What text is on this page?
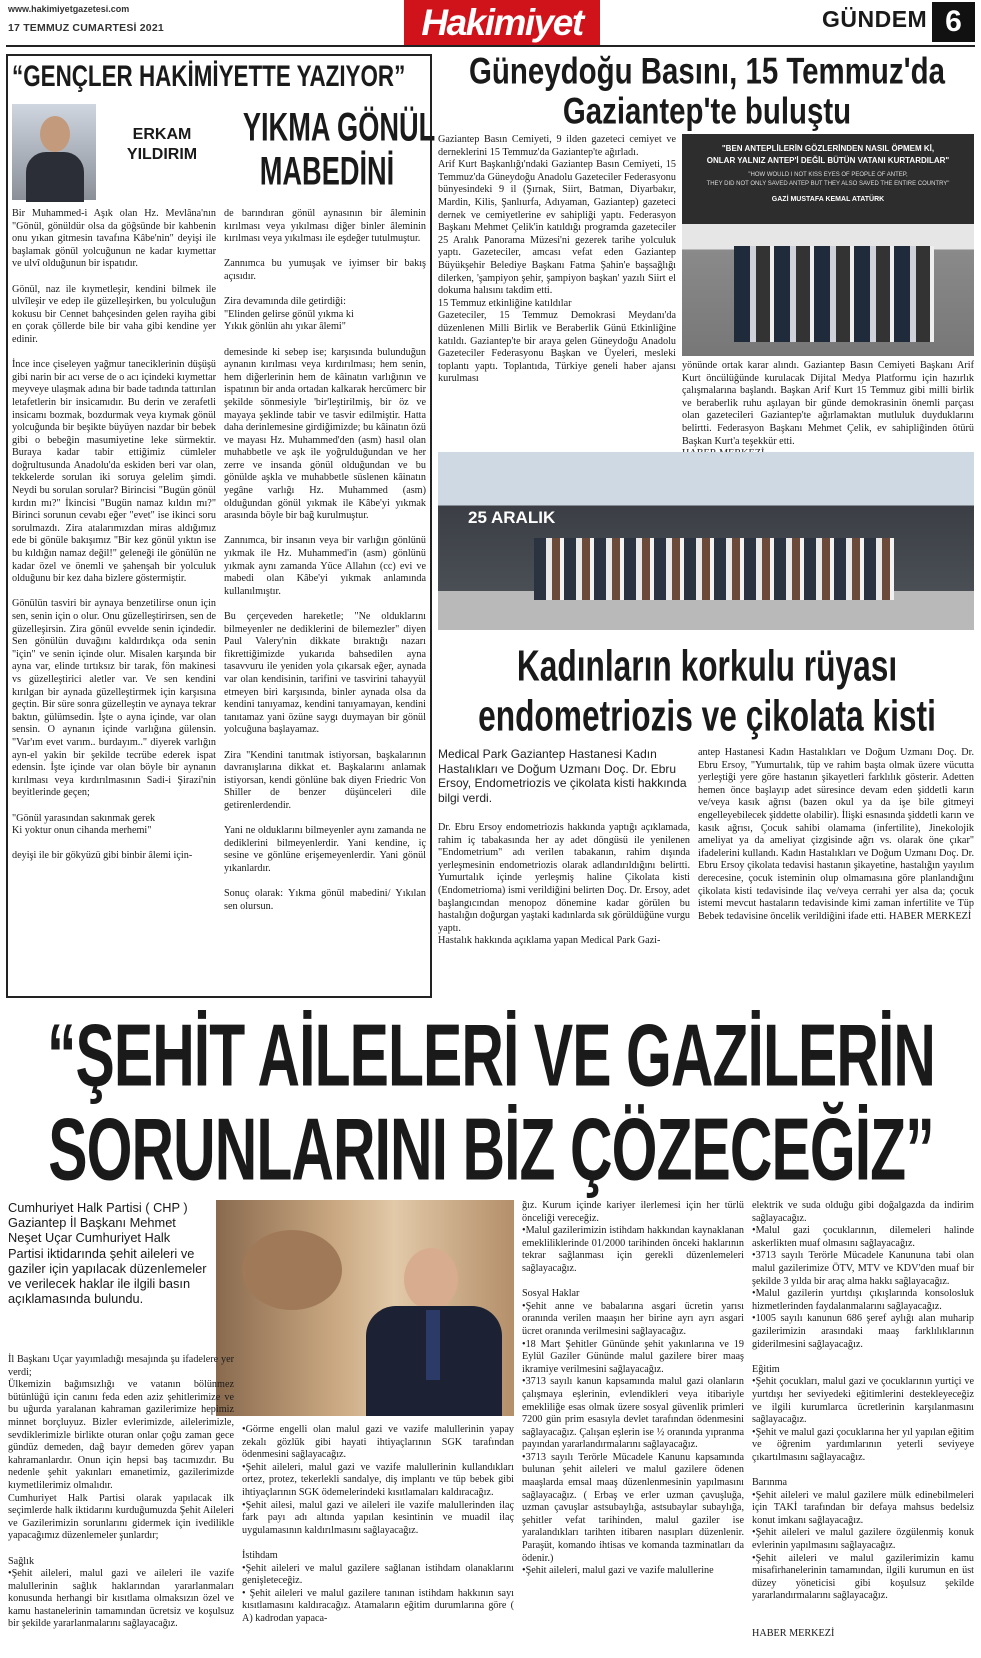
www.hakimiyetgazetesi.com
17 TEMMUZ CUMARTESİ 2021	Hakimiyet	GÜNDEM 6
“GENÇLER HAKİMİYETTE YAZIYOR”
ERKAM
YILDIRIM
YIKMA GÖNÜL
MABEDİNİ
Bir Muhammed-i Aşık olan Hz. Mevlâna'nın "Gönül, gönüldür olsa da göğsünde bir kahbenin onu yıkan gitmesin tavafına Kâbe'nin" deyişi ile başlamak gönül yolcuğunun ne kadar kıymettar ve ulvî olduğunun bir ispatıdır.

Gönül, naz ile kıymetleşir, kendini bilmek ile ulvîleşir ve edep ile güzelleşirken, bu yolculuğun kokusu bir Cennet bahçesinden gelen rayiha gibi en çorak çöllerde bile bir vaha gibi kendine yer edinir.

İnce ince çiseleyen yağmur taneciklerinin düşüşü gibi narin bir acı verse de o acı içindeki kıymettar meyveye ulaşmak adına bir bade tadında tattırılan letafetlerin bir insicamıdır. Bu derin ve zerafetli insicamı bozmak, bozdurmak veya kıymak gönül yolcuğunda bir beşikte büyüyen nazdar bir bebek gibi o bebeğin masumiyetine leke sürmektir. Buraya kadar tabir ettiğimiz cümleler doğrultusunda Anadolu'da eskiden beri var olan, tekkelerde sorulan iki soruya gelelim şimdi. Neydi bu sorulan sorular? Birincisi "Bugün gönül kırdın mı?" İkincisi "Bugün namaz kıldın mı?" Birinci sorunun cevabı eğer "evet" ise ikinci soru sorulmazdı. Zira atalarımızdan miras aldığımız ede bi gönüle bakışımız "Bir kez gönül yıktın ise bu kıldığın namaz değil!" geleneği ile gönülün ne kadar özel ve önemli ve şahenşah bir yolculuk olduğunu bir kez daha bizlere göstermiştir.

Gönülün tasviri bir aynaya benzetilirse onun için sen, senin için o olur. Onu güzelleştirirsen, sen de güzelleşirsin. Zira gönül evvelde senin içindedir. Sen gönülün duvağını kaldırdıkça oda senin "için" ve senin içinde olur. Misalen karşında bir ayna var, elinde tırtıksız bir tarak, fön makinesi vs güzelleştirici aletler var. Ve sen kendini kırılgan bir aynada güzelleştirmek için karşısına geçtin. Bir süre sonra güzelleştin ve aynaya tekrar baktın, gülümsedin. İşte o ayna içinde, var olan sensin. O aynanın içinde varlığına gülensin. "Var'ım evet varım.. burdayım.." diyerek varlığın ayn-el yakin bir şekilde tecrübe ederek ispat edensin. İşte içinde var olan böyle bir aynanın kırılması veya kırdırılmasının Sadi-i Şirazi'nin beyitlerinde geçen;

"Gönül yarasından sakınmak gerek
Ki yoktur onun cihanda merhemi"

deyişi ile bir gökyüzü gibi binbir âlemi için-
de barındıran gönül aynasının bir âleminin kırılması veya yıkılması diğer binler âleminin kırılması veya yıkılması ile eşdeğer tutulmuştur.

Zannımca bu yumuşak ve iyimser bir bakış açısıdır.

Zira devamında dile getirdiği:
"Elinden gelirse gönül yıkma ki
Yıkık gönlün ahı yıkar âlemi"

demesinde ki sebep ise; karşısında bulunduğun aynanın kırılması veya kırdırılması; hem senin, hem diğerlerinin hem de kâinatın varlığının ve ispatının bir anda ortadan kalkarak hercümerc bir şekilde sönmesiyle 'bir'leştirilmiş, bir öz ve mayaya şeklinde tabir ve tasvir edilmiştir. Hatta daha derinlemesine girdiğimizde; bu kâinatın özü ve mayası Hz. Muhammed'den (asm) hasıl olan muhabbetle ve aşk ile yoğrulduğundan ve her zerre ve insanda gönül olduğundan ve bu gönülde aşkla ve muhabbetle süslenen kâinatın yegâne varlığı Hz. Muhammed (asm) olduğundan gönül yıkmak ile Kâbe'yi yıkmak arasında böyle bir bağ kurulmuştur.

Zannımca, bir insanın veya bir varlığın gönlünü yıkmak ile Hz. Muhammed'in (asm) gönlünü yıkmak aynı zamanda Yüce Allahın (cc) evi ve mabedi olan Kâbe'yi yıkmak anlamında kullanılmıştır.

Bu çerçeveden hareketle; "Ne olduklarını bilmeyenler ne dediklerini de bilemezler" diyen Paul Valery'nin dikkate bıraktığı nazarı fikrettiğimizde yukarıda bahsedilen ayna tasavvuru ile yeniden yola çıkarsak eğer, aynada var olan kendisinin, tarifini ve tasvirini tahayyül etmeyen biri karşısında, binler aynada olsa da kendini tanıyamaz, kendini tanıyamayan, kendini tanıtamaz yani özüne saygı duymayan bir gönül yolcuğuna başlayamaz.

Zira "Kendini tanıtmak istiyorsan, başkalarının davranışlarına dikkat et. Başkalarını anlamak istiyorsan, kendi gönlüne bak diyen Friedric Von Shiller de benzer düşünceleri dile getirenlerdendir.

Yani ne olduklarını bilmeyenler aynı zamanda ne dediklerini bilmeyenlerdir. Yani kendine, iç sesine ve gönlüne erişemeyenlerdir. Yani gönül yıkanlardır.

Sonuç olarak: Yıkma gönül mabedini/ Yıkılan sen olursun.
Güneydoğu Basını, 15 Temmuz'da
Gaziantep'te buluştu
Gaziantep Basın Cemiyeti, 9 ilden gazeteci cemiyet ve derneklerini 15 Temmuz'da Gaziantep'te ağırladı.
Arif Kurt Başkanlığı'ndaki Gaziantep Basın Cemiyeti, 15 Temmuz'da Güneydoğu Anadolu Gazeteciler Federasyonu bünyesindeki 9 il (Şırnak, Siirt, Batman, Diyarbakır, Mardin, Kilis, Şanlıurfa, Adıyaman, Gaziantep) gazeteci dernek ve cemiyetlerine ev sahipliği yaptı. Federasyon Başkanı Mehmet Çelik'in katıldığı programda gazeteciler 25 Aralık Panorama Müzesi'ni gezerek tarihe yolculuk yaptı. Gazeteciler, amcası vefat eden Gaziantep Büyükşehir Belediye Başkanı Fatma Şahin'e başsağlığı dilerken, 'şampiyon şehir, şampiyon başkan' yazılı Siirt el dokuma halısını takdim etti.
15 Temmuz etkinliğine katıldılar
Gazeteciler, 15 Temmuz Demokrasi Meydanı'da düzenlenen Milli Birlik ve Beraberlik Günü Etkinliğine katıldı. Gaziantep'te bir araya gelen Güneydoğu Anadolu Gazeteciler Federasyonu Başkan ve Üyeleri, mesleki toplantı yaptı. Toplantıda, Türkiye geneli haber ajansı kurulması
"BEN ANTEPLİLERİN GÖZLERİNDEN NASIL ÖPMEM Kİ,
ONLAR YALNIZ ANTEP'İ DEĞİL BÜTÜN VATANI KURTARDILAR"
"HOW WOULD I NOT KISS EYES OF PEOPLE OF ANTEP,
THEY DID NOT ONLY SAVED ANTEP BUT THEY ALSO SAVED THE ENTIRE COUNTRY"
GAZİ MUSTAFA KEMAL ATATÜRK
yönünde ortak karar alındı. Gaziantep Basın Cemiyeti Başkanı Arif Kurt öncülüğünde kurulacak Dijital Medya Platformu için hazırlık çalışmalarına başlandı. Başkan Arif Kurt 15 Temmuz gibi milli birlik ve beraberlik ruhu aşılayan bir günde demokrasinin önemli parçası olan gazetecileri Gaziantep'te ağırlamaktan mutluluk duyduklarını belirtti. Federasyon Başkanı Mehmet Çelik, ev sahipliğinden ötürü Başkan Kurt'a teşekkür etti.

25 ARALIK
Kadınların korkulu rüyası
endometriozis ve çikolata kisti
Medical Park Gaziantep Hastanesi Kadın Hastalıkları ve Doğum Uzmanı Doç. Dr. Ebru Ersoy, Endometriozis ve çikolata kisti hakkında bilgi verdi.
Dr. Ebru Ersoy endometriozis hakkında yaptığı açıklamada, rahim iç tabakasında her ay adet döngüsü ile yenilenen "Endometrium" adı verilen tabakanın, rahim dışında yerleşmesinin endometriozis olarak adlandırıldığını belirtti. Yumurtalık içinde yerleşmiş haline Çikolata kisti (Endometrioma) ismi verildiğini belirten Doç. Dr. Ersoy, adet başlangıcından menopoz dönemine kadar görülen bu hastalığın doğurgan yaştaki kadınlarda sık görüldüğüne vurgu yaptı.
Hastalık hakkında açıklama yapan Medical Park Gazi-
antep Hastanesi Kadın Hastalıkları ve Doğum Uzmanı Doç. Dr. Ebru Ersoy, "Yumurtalık, tüp ve rahim başta olmak üzere vücutta yerleştiği yere göre hastanın şikayetleri farklılık gösterir. Adetten hemen önce başlayıp adet süresince devam eden şiddetli karın ve/veya kasık ağrısı (bazen okul ya da işe bile gitmeyi engelleyebilecek şiddette olabilir). İlişki esnasında şiddetli karın ve kasık ağrısı, Çocuk sahibi olamama (infertilite), Jinekolojik ameliyat ya da ameliyat çizgisinde ağrı vs. olarak öne çıkar" ifadelerini kullandı. Kadın Hastalıkları ve Doğum Uzmanı Doç. Dr. Ebru Ersoy çikolata tedavisi hastanın şikayetine, hastalığın yayılım derecesine, çocuk isteminin olup olmamasına göre planlandığını çikolata kisti tedavisinde ilaç ve/veya cerrahi yer alsa da; çocuk istemi mevcut hastaların tedavisinde kimi zaman infertilite ve Tüp Bebek tedavisine öncelik verildiğini ifade etti. HABER MERKEZİ
“ŞEHİT AİLELERİ VE GAZİLERİN
SORUNLARINI BİZ ÇÖZECEĞİZ”
Cumhuriyet Halk Partisi ( CHP ) Gaziantep İl Başkanı Mehmet Neşet Uçar Cumhuriyet Halk Partisi iktidarında şehit aileleri ve gaziler için yapılacak düzenlemeler ve verilecek haklar ile ilgili basın açıklamasında bulundu.
İl Başkanı Uçar yayımladığı mesajında şu ifadelere yer verdi;
Ülkemizin bağımsızlığı ve vatanın bölünmez bütünlüğü için canını feda eden aziz şehitlerimize ve bu uğurda yaralanan kahraman gazilerimize hepimiz minnet borçluyuz. Bizler evlerimizde, ailelerimizle, sevdiklerimizle birlikte oturan onlar çoğu zaman gece gündüz demeden, dağ bayır demeden görev yapan kahramanlardır. Onun için hepsi baş tacımızdır. Bu nedenle şehit yakınları emanetimiz, gazilerimizde kıymetlilerimiz olmalıdır.
Cumhuriyet Halk Partisi olarak yapılacak ilk seçimlerde halk iktidarını kurduğumuzda Şehit Aileleri ve Gazilerimizin sorunlarını gidermek için ivedilikle yapacağımız düzenlemeler şunlardır;

Sağlık
•Şehit aileleri, malul gazi ve aileleri ile vazife malullerinin sağlık haklarından yararlanmaları konusunda herhangi bir kısıtlama olmaksızın özel ve kamu hastanelerinin tamamından ücretsiz ve koşulsuz bir şekilde yararlanmalarını sağlayacağız.
•Görme engelli olan malul gazi ve vazife malullerinin yapay zekalı gözlük gibi hayati ihtiyaçlarının SGK tarafından ödenmesini sağlayacağız.
•Şehit aileleri, malul gazi ve vazife malullerinin kullandıkları ortez, protez, tekerlekli sandalye, diş implantı ve tüp bebek gibi ihtiyaçlarının SGK ödemelerindeki kısıtlamaları kaldıracağız.
•Şehit ailesi, malul gazi ve aileleri ile vazife malullerinden ilaç fark payı adı altında yapılan kesintinin ve muadil ilaç uygulamasının kaldırılmasını sağlayacağız.

İstihdam
•Şehit aileleri ve malul gazilere sağlanan istihdam olanaklarını genişleteceğiz.
• Şehit aileleri ve malul gazilere tanınan istihdam hakkının sayı kısıtlamasını kaldıracağız. Atamaların eğitim durumlarına göre ( A) kadrodan yapaca-
ğız. Kurum içinde kariyer ilerlemesi için her türlü önceliği vereceğiz.
•Malul gazilerimizin istihdam hakkından kaynaklanan emekliliklerinde 01/2000 tarihinden önceki haklarının tekrar sağlanması için gerekli düzenlemeleri sağlayacağız.

Sosyal Haklar
•Şehit anne ve babalarına asgari ücretin yarısı oranında verilen maaşın her birine ayrı ayrı asgari ücret oranında verilmesini sağlayacağız.
•18 Mart Şehitler Gününde şehit yakınlarına ve 19 Eylül Gaziler Gününde malul gazilere birer maaş ikramiye verilmesini sağlayacağız.
•3713 sayılı kanun kapsamında malul gazi olanların çalışmaya eşlerinin, evlendikleri veya itibariyle emekliliğe esas olmak üzere sosyal güvenlik primleri 7200 gün prim esasıyla devlet tarafından ödenmesini sağlayacağız. Çalışan eşlerin ise ½ oranında yıpranma payından yararlandırmalarını sağlayacağız.
•3713 sayılı Terörle Mücadele Kanunu kapsamında bulunan şehit aileleri ve malul gazilere ödenen maaşlarda emsal maaş düzenlenmesinin yapılmasını sağlayacağız. ( Erbaş ve erler uzman çavuşluğa, uzman çavuşlar astsubaylığa, astsubaylar subaylığa, şehitler vefat tarihinden, malul gaziler ise yaralandıkları tarihten itibaren nasıpları düzenlenir. Paraşüt, komando ihtisas ve komanda tazminatları da ödenir.)
•Şehit aileleri, malul gazi ve vazife malullerine
elektrik ve suda olduğu gibi doğalgazda da indirim sağlayacağız.
•Malul gazi çocuklarının, dilemeleri halinde askerlikten muaf olmasını sağlayacağız.
•3713 sayılı Terörle Mücadele Kanununa tabi olan malul gazilerimize ÖTV, MTV ve KDV'den muaf bir şekilde 3 yılda bir araç alma hakkı sağlayacağız.
•Malul gazilerin yurtdışı çıkışlarında konsolosluk hizmetlerinden faydalanmalarını sağlayacağız.
•1005 sayılı kanunun 686 şeref aylığı alan muharip gazilerimizin arasındaki maaş farklılıklarının giderilmesini sağlayacağız.

Eğitim
•Şehit çocukları, malul gazi ve çocuklarının yurtiçi ve yurtdışı her seviyedeki eğitimlerini destekleyeceğiz ve ilgili kurumlarca ücretlerinin karşılanmasını sağlayacağız.
•Şehit ve malul gazi çocuklarına her yıl yapılan eğitim ve öğrenim yardımlarının yeterli seviyeye çıkartılmasını sağlayacağız.

Barınma
•Şehit aileleri ve malul gazilere mülk edinebilmeleri için TAKİ tarafından bir defaya mahsus bedelsiz konut imkanı sağlayacağız.
•Şehit aileleri ve malul gazilere özgülenmiş konuk evlerinin yapılmasını sağlayacağız.
•Şehit aileleri ve malul gazilerimizin kamu misafirhanelerinin tamamından, ilgili kurumun en üst düzey yöneticisi gibi koşulsuz şekilde yararlandırmalarını sağlayacağız.

HABER MERKEZİ
